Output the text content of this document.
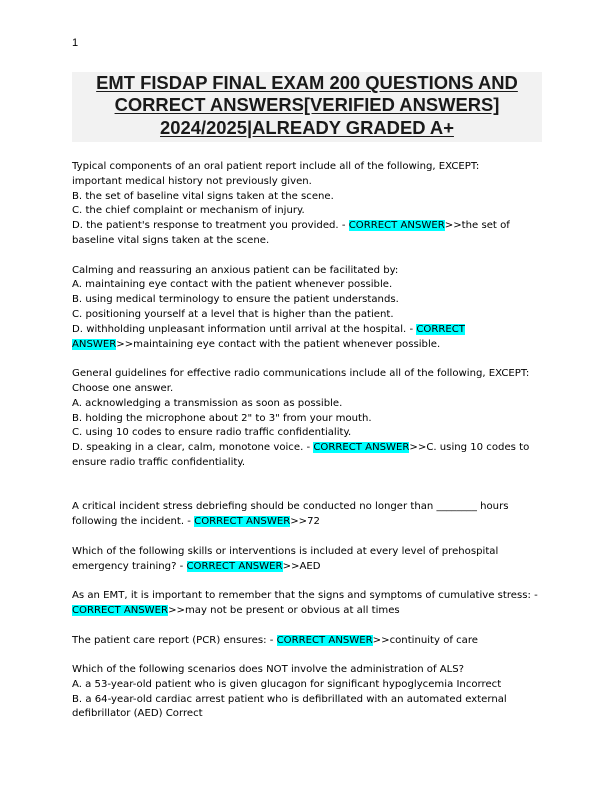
1

EMT FISDAP FINAL EXAM 200 QUESTIONS AND CORRECT ANSWERS[VERIFIED ANSWERS] 2024/2025|ALREADY GRADED A+

Typical components of an oral patient report include all of the following, EXCEPT:

important medical history not previously given.

B. the set of baseline vital signs taken at the scene.

C. the chief complaint or mechanism of injury.

D. the patient's response to treatment you provided. - CORRECT ANSWER>>the set of baseline vital signs taken at the scene.

Calming and reassuring an anxious patient can be facilitated by:

A. maintaining eye contact with the patient whenever possible.

B. using medical terminology to ensure the patient understands.

C. positioning yourself at a level that is higher than the patient.

D. withholding unpleasant information until arrival at the hospital. - CORRECT
ANSWER>>maintaining eye contact with the patient whenever possible.

General guidelines for effective radio communications include all of the following, EXCEPT:

Choose one answer.

A. acknowledging a transmission as soon as possible.

B. holding the microphone about 2" to 3" from your mouth.

C. using 10 codes to ensure radio traffic confidentiality.

D. speaking in a clear, calm, monotone voice. - CORRECT ANSWER>>C. using 10 codes to ensure radio traffic confidentiality.

A critical incident stress debriefing should be conducted no longer than ________ hours following the incident. - CORRECT ANSWER>>72

Which of the following skills or interventions is included at every level of prehospital emergency training? - CORRECT ANSWER>>AED

As an EMT, it is important to remember that the signs and symptoms of cumulative stress: -
CORRECT ANSWER>>may not be present or obvious at all times

The patient care report (PCR) ensures: - CORRECT ANSWER>>continuity of care

Which of the following scenarios does NOT involve the administration of ALS?

A. a 53-year-old patient who is given glucagon for significant hypoglycemia Incorrect

B. a 64-year-old cardiac arrest patient who is defibrillated with an automated external defibrillator (AED) Correct
